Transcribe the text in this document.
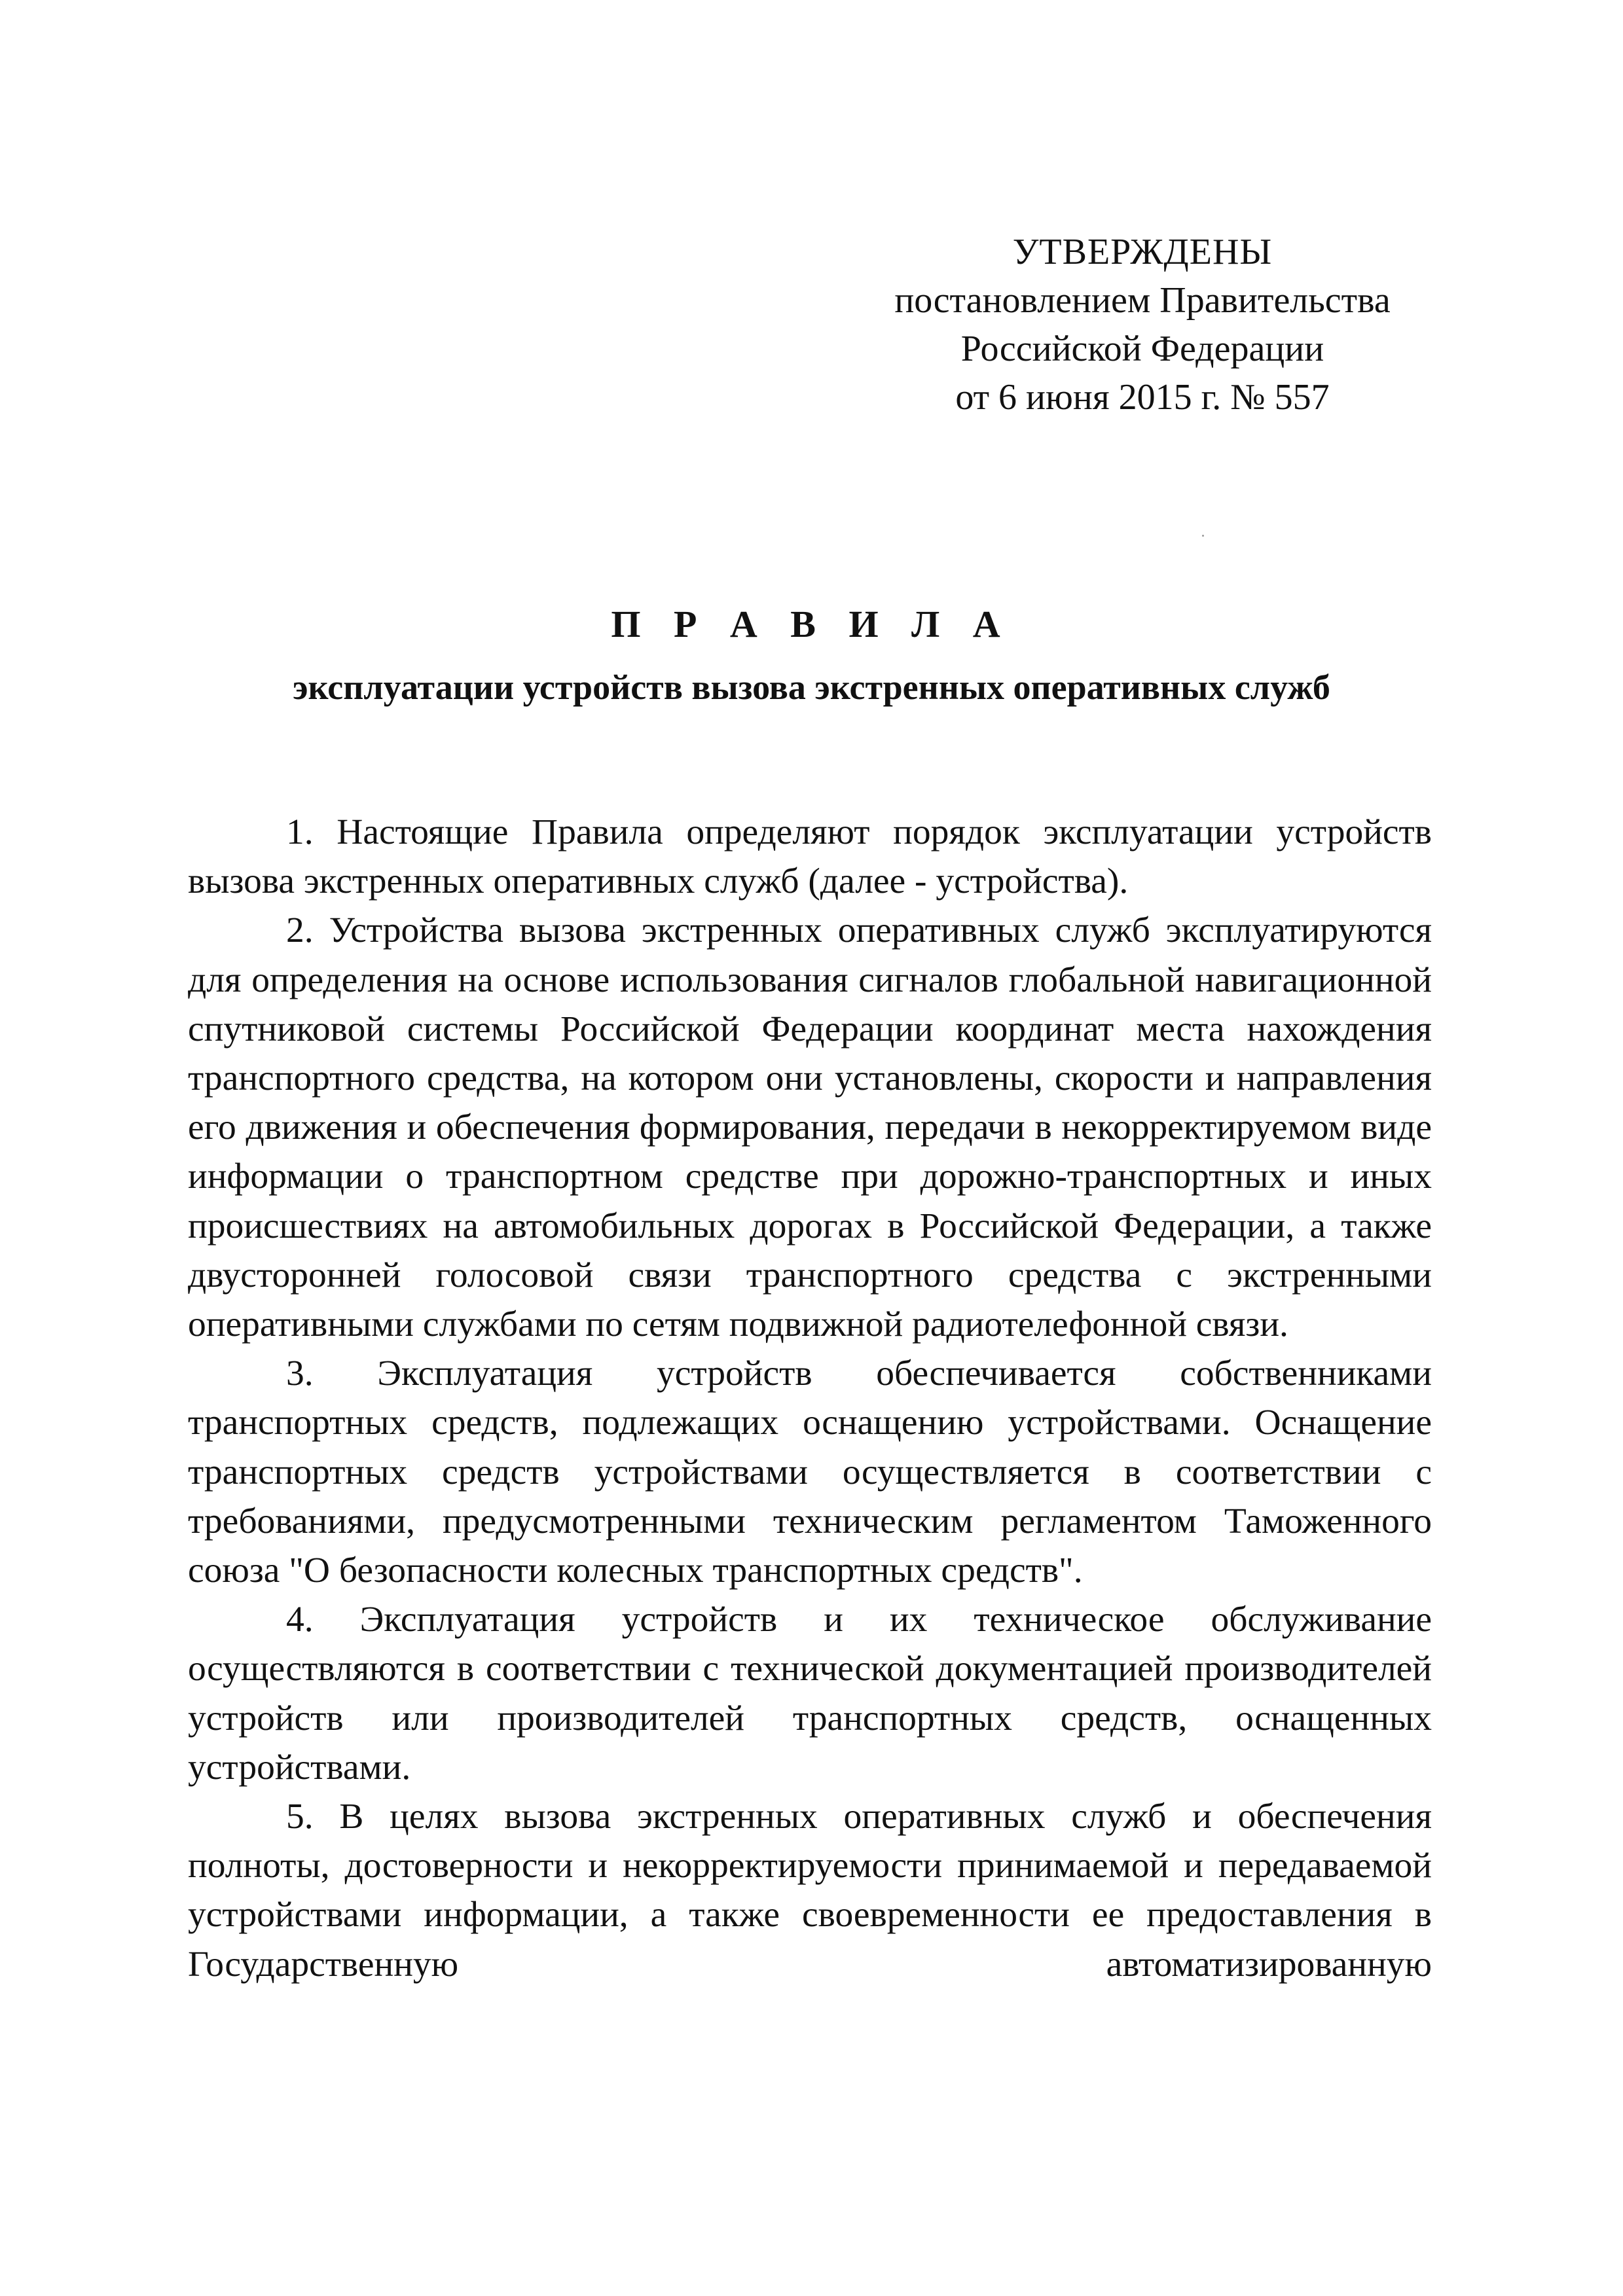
УТВЕРЖДЕНЫ
постановлением Правительства
Российской Федерации
от 6 июня 2015 г. № 557
П Р А В И Л А
эксплуатации устройств вызова экстренных оперативных служб

1. Настоящие Правила определяют порядок эксплуатации устройств вызова экстренных оперативных служб (далее - устройства).

2. Устройства вызова экстренных оперативных служб эксплуатируются для определения на основе использования сигналов глобальной навигационной спутниковой системы Российской Федерации координат места нахождения транспортного средства, на котором они установлены, скорости и направления его движения и обеспечения формирования, передачи в некорректируемом виде информации о транспортном средстве при дорожно-транспортных и иных происшествиях на автомобильных дорогах в Российской Федерации, а также двусторонней голосовой связи транспортного средства с экстренными оперативными службами по сетям подвижной радиотелефонной связи.

3. Эксплуатация устройств обеспечивается собственниками транспортных средств, подлежащих оснащению устройствами. Оснащение транспортных средств устройствами осуществляется в соответствии с требованиями, предусмотренными техническим регламентом Таможенного союза "О безопасности колесных транспортных средств".

4. Эксплуатация устройств и их техническое обслуживание осуществляются в соответствии с технической документацией производителей устройств или производителей транспортных средств, оснащенных устройствами.

5. В целях вызова экстренных оперативных служб и обеспечения полноты, достоверности и некорректируемости принимаемой и передаваемой устройствами информации, а также своевременности ее предоставления в Государственную автоматизированную
